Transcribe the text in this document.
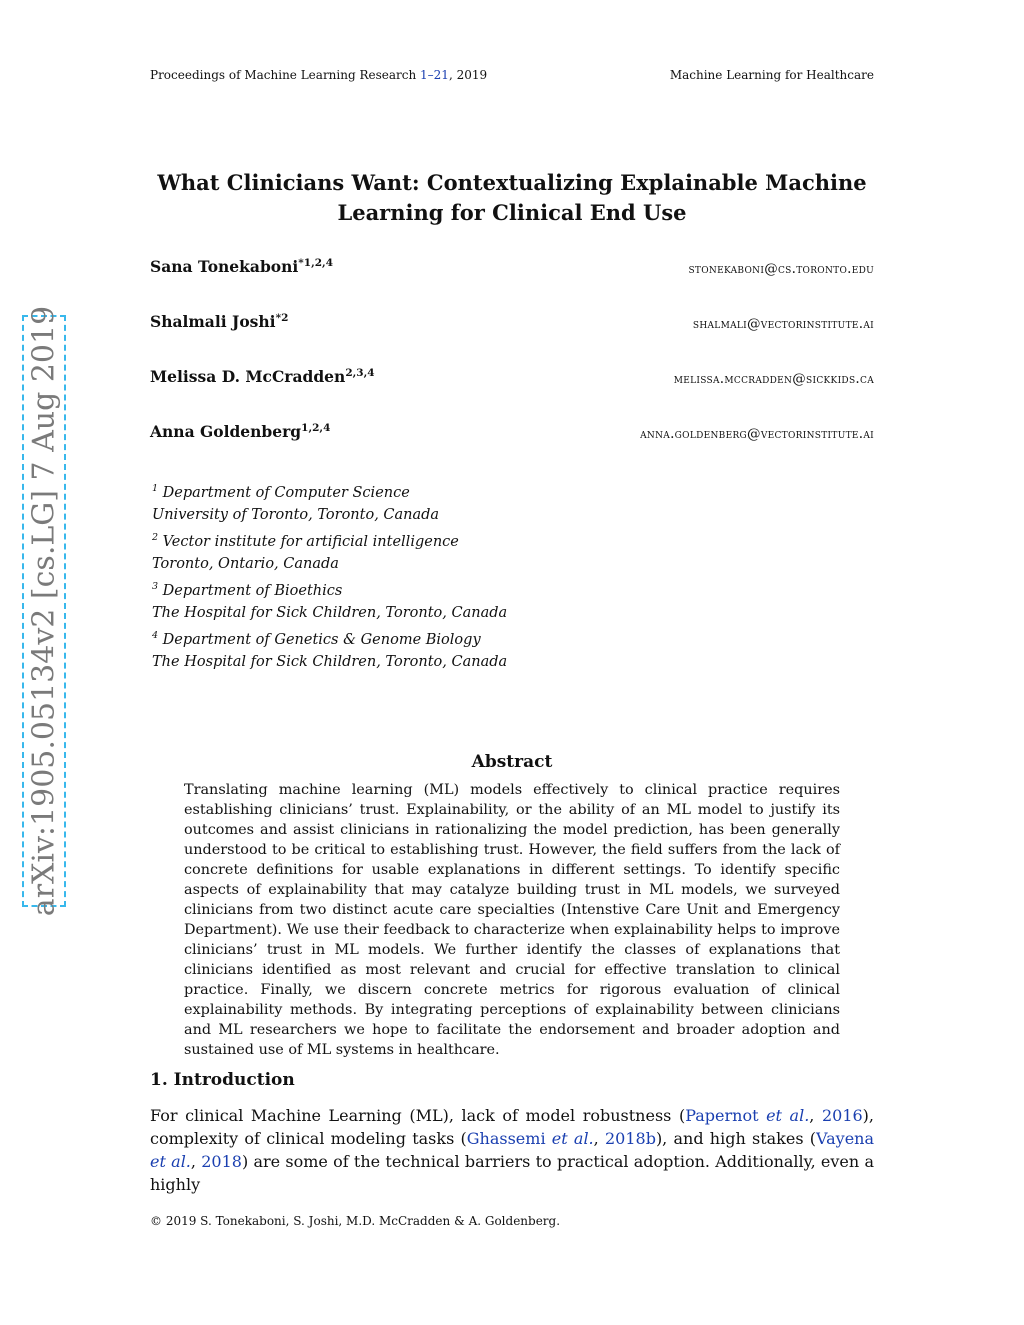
Proceedings of Machine Learning Research 1–21, 2019	Machine Learning for Healthcare
What Clinicians Want: Contextualizing Explainable Machine
Learning for Clinical End Use
Sana Tonekaboni$^{*1,2,4}$	stonekaboni@cs.toronto.edu
Shalmali Joshi$^{*2}$	shalmali@vectorinstitute.ai
Melissa D. McCradden$^{2,3,4}$	melissa.mccradden@sickkids.ca
Anna Goldenberg$^{1,2,4}$	anna.goldenberg@vectorinstitute.ai
$^1$ Department of Computer Science
University of Toronto, Toronto, Canada
$^2$ Vector institute for artificial intelligence
Toronto, Ontario, Canada
$^3$ Department of Bioethics
The Hospital for Sick Children, Toronto, Canada
$^4$ Department of Genetics & Genome Biology
The Hospital for Sick Children, Toronto, Canada
arXiv:1905.05134v2 [cs.LG] 7 Aug 2019	Abstract
Translating machine learning (ML) models effectively to clinical practice requires establishing clinicians’ trust. Explainability, or the ability of an ML model to justify its outcomes and assist clinicians in rationalizing the model prediction, has been generally understood to be critical to establishing trust. However, the field suffers from the lack of concrete definitions for usable explanations in different settings. To identify specific aspects of explainability that may catalyze building trust in ML models, we surveyed clinicians from two distinct acute care specialties (Intenstive Care Unit and Emergency Department). We use their feedback to characterize when explainability helps to improve clinicians’ trust in ML models. We further identify the classes of explanations that clinicians identified as most relevant and crucial for effective translation to clinical practice. Finally, we discern concrete metrics for rigorous evaluation of clinical explainability methods. By integrating perceptions of explainability between clinicians and ML researchers we hope to facilitate the endorsement and broader adoption and sustained use of ML systems in healthcare.
1. Introduction
For clinical Machine Learning (ML), lack of model robustness (Papernot et al., 2016), complexity of clinical modeling tasks (Ghassemi et al., 2018b), and high stakes (Vayena et al., 2018) are some of the technical barriers to practical adoption. Additionally, even a highly
© 2019 S. Tonekaboni, S. Joshi, M.D. McCradden & A. Goldenberg.
